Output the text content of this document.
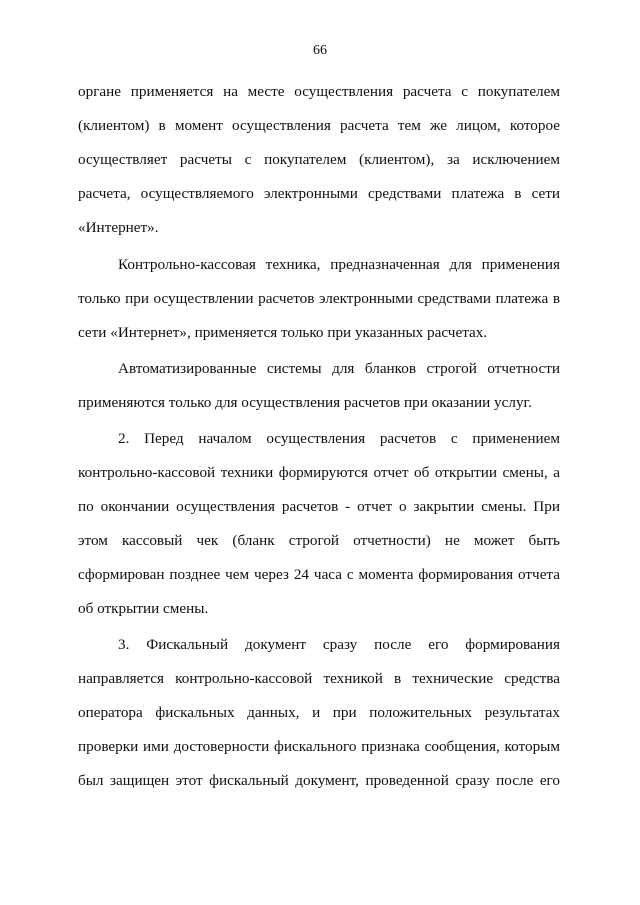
66
органе применяется на месте осуществления расчета с покупателем
(клиентом) в момент осуществления расчета тем же лицом, которое
осуществляет расчеты с покупателем (клиентом), за исключением
расчета, осуществляемого электронными средствами платежа в сети
«Интернет».
Контрольно-кассовая техника, предназначенная для применения
только при осуществлении расчетов электронными средствами платежа в
сети «Интернет», применяется только при указанных расчетах.
Автоматизированные системы для бланков строгой отчетности
применяются только для осуществления расчетов при оказании услуг.
2. Перед началом осуществления расчетов с применением
контрольно-кассовой техники формируются отчет об открытии смены, а
по окончании осуществления расчетов - отчет о закрытии смены. При
этом кассовый чек (бланк строгой отчетности) не может быть
сформирован позднее чем через 24 часа с момента формирования отчета
об открытии смены.
3. Фискальный документ сразу после его формирования
направляется контрольно-кассовой техникой в технические средства
оператора фискальных данных, и при положительных результатах
проверки ими достоверности фискального признака сообщения, которым
был защищен этот фискальный документ, проведенной сразу после его
